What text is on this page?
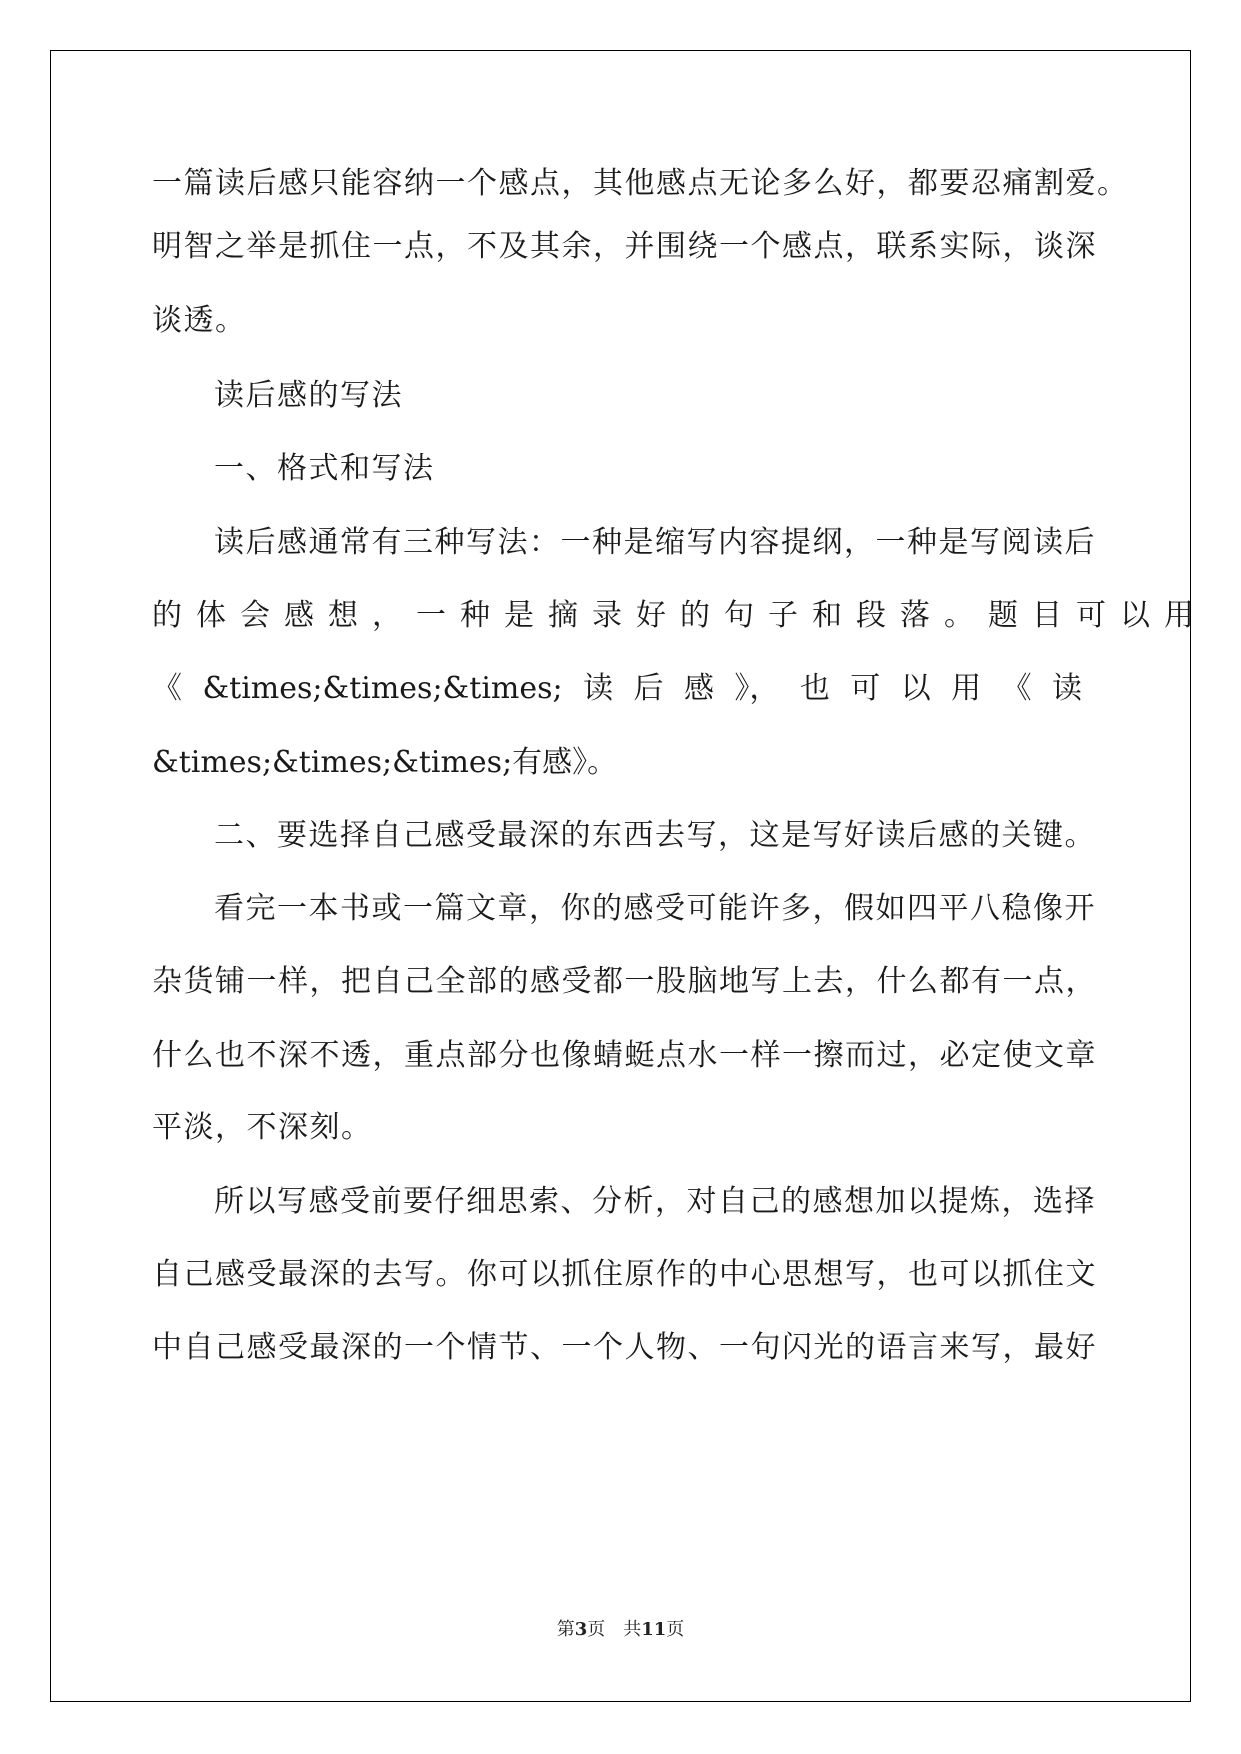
一篇读后感只能容纳一个感点，其他感点无论多么好，都要忍痛割爱。
明智之举是抓住一点，不及其余，并围绕一个感点，联系实际，谈深
谈透。
读后感的写法
一、格式和写法
读后感通常有三种写法：一种是缩写内容提纲，一种是写阅读后
的体会感想，一种是摘录好的句子和段落。题目可以用
《 &times;&times;&times; 读 后 感 》， 也 可 以 用 《 读
&times;&times;&times;有感》。
二、要选择自己感受最深的东西去写，这是写好读后感的关键。
看完一本书或一篇文章，你的感受可能许多，假如四平八稳像开
杂货铺一样，把自己全部的感受都一股脑地写上去，什么都有一点，
什么也不深不透，重点部分也像蜻蜓点水一样一擦而过，必定使文章
平淡，不深刻。
所以写感受前要仔细思索、分析，对自己的感想加以提炼，选择
自己感受最深的去写。你可以抓住原作的中心思想写，也可以抓住文
中自己感受最深的一个情节、一个人物、一句闪光的语言来写，最好
第3页　共11页
